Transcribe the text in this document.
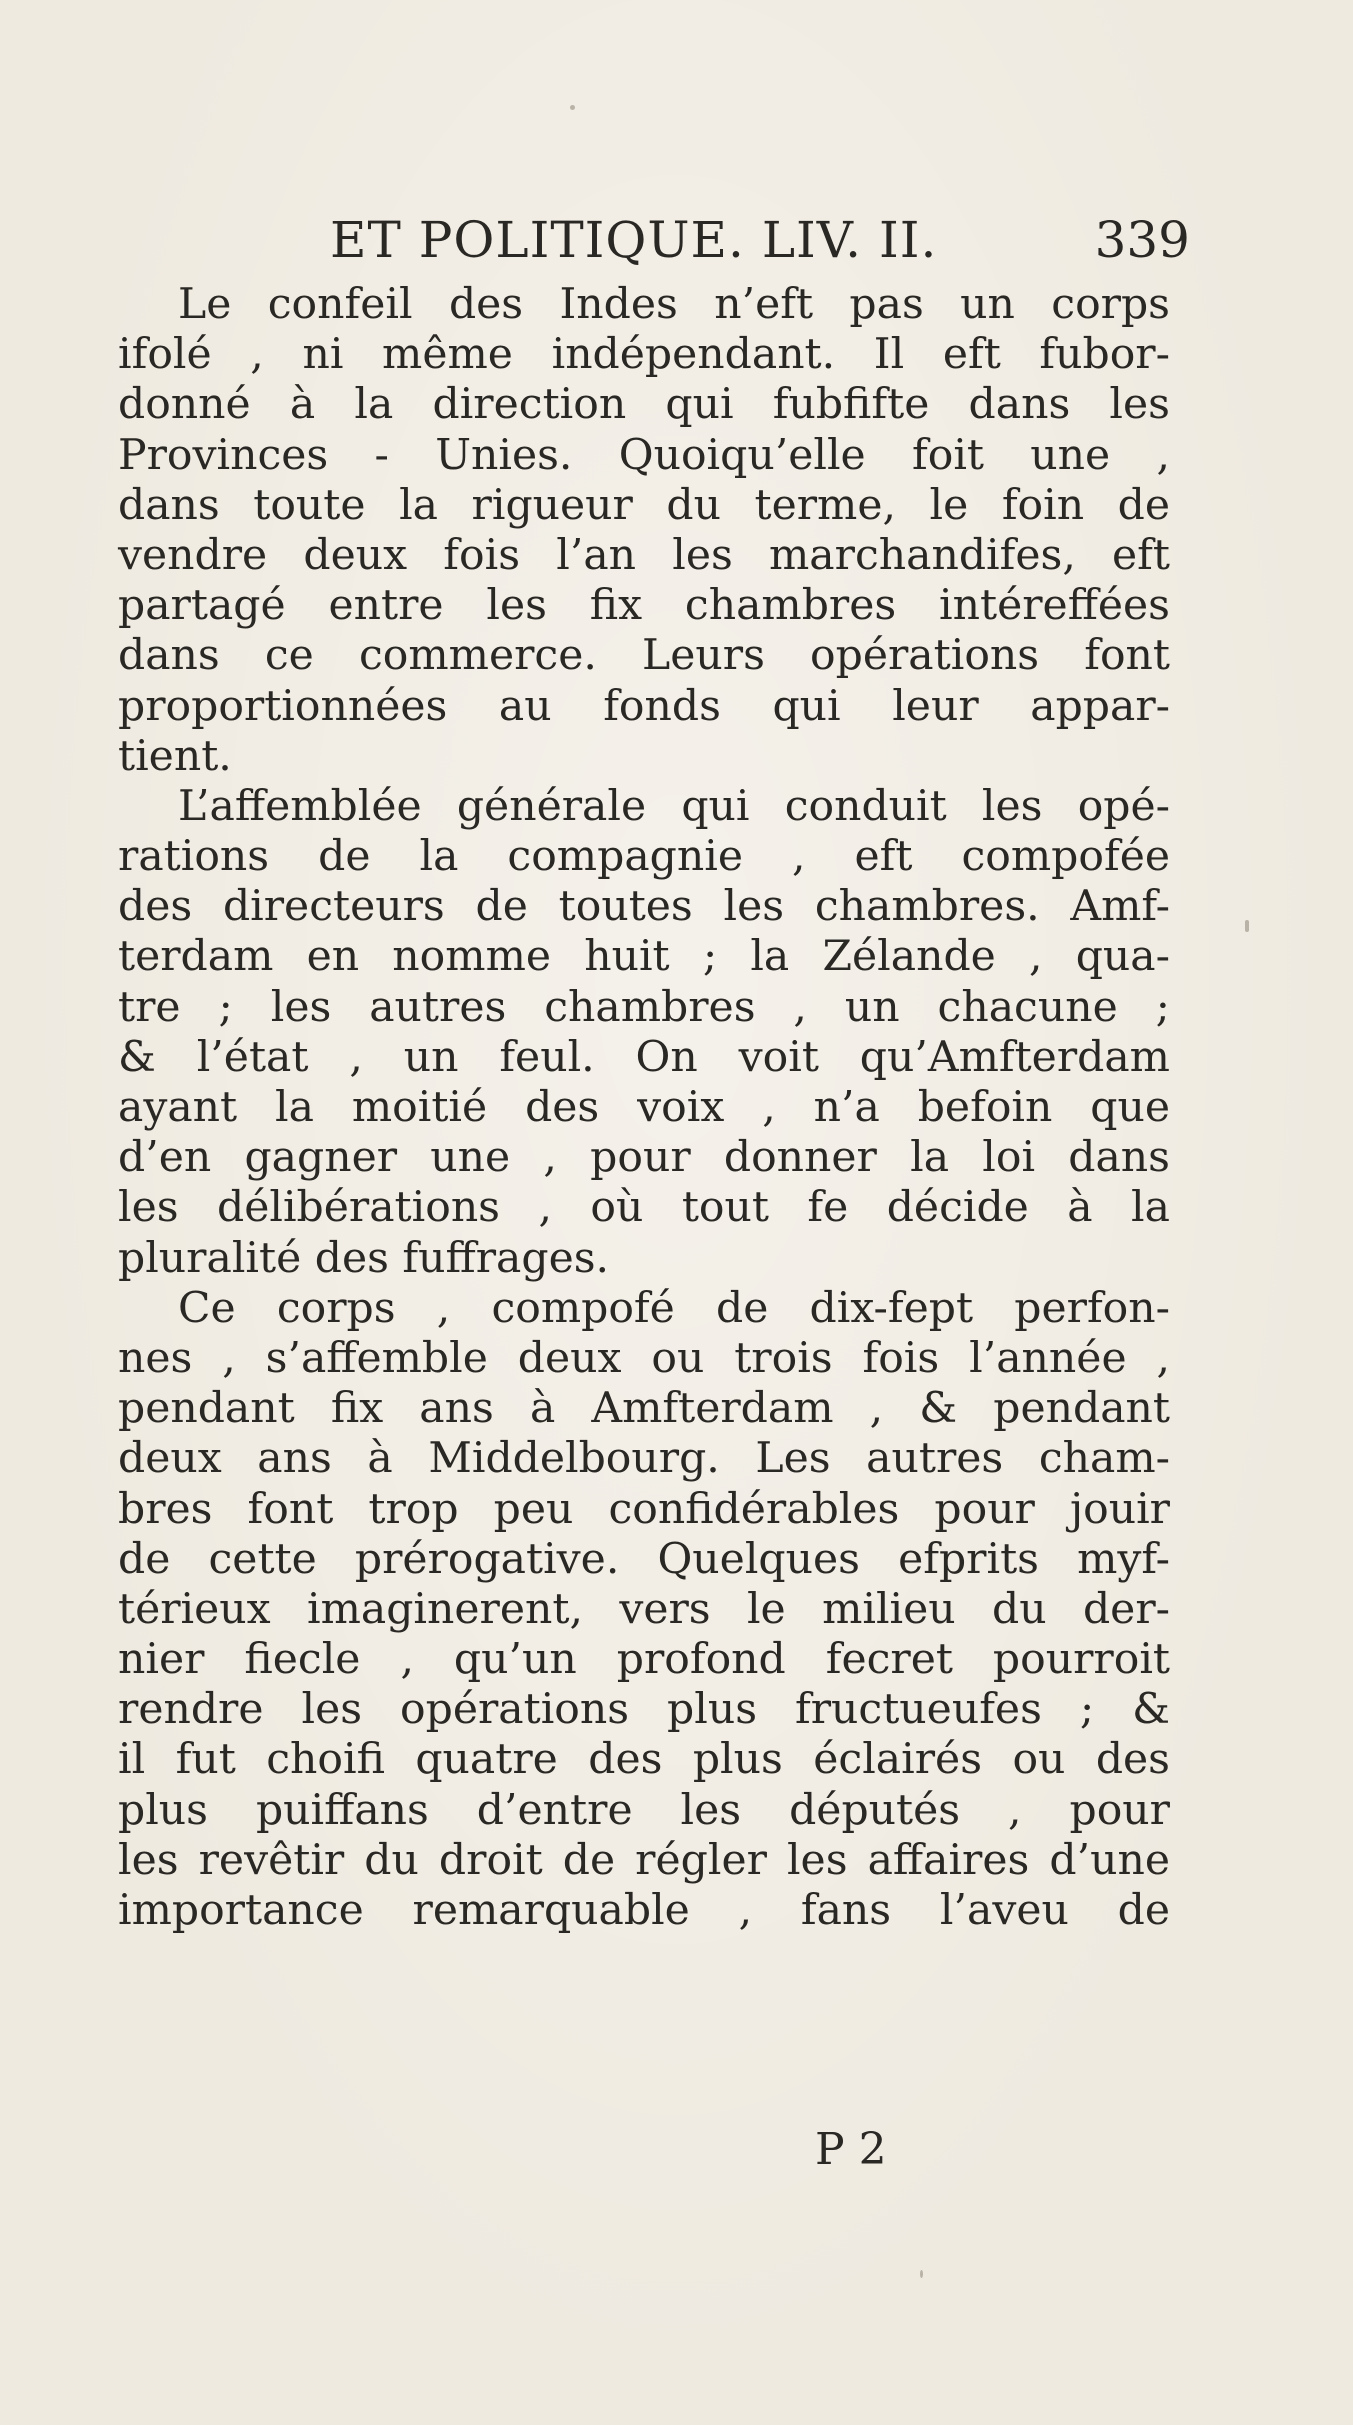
ET POLITIQUE. LIV. II.	339
Le confeil des Indes n’eft pas un corps
ifolé , ni même indépendant. Il eft fubor-
donné à la direction qui fubfifte dans les
Provinces - Unies. Quoiqu’elle foit une ,
dans toute la rigueur du terme, le foin de
vendre deux fois l’an les marchandifes, eft
partagé entre les fix chambres intéreffées
dans ce commerce. Leurs opérations font
proportionnées au fonds qui leur appar-
tient.
L’affemblée générale qui conduit les opé-
rations de la compagnie , eft compofée
des directeurs de toutes les chambres. Amf-
terdam en nomme huit ; la Zélande , qua-
tre ; les autres chambres , un chacune ;
& l’état , un feul. On voit qu’Amfterdam
ayant la moitié des voix , n’a befoin que
d’en gagner une , pour donner la loi dans
les délibérations , où tout fe décide à la
pluralité des fuffrages.
Ce corps , compofé de dix-fept perfon-
nes , s’affemble deux ou trois fois l’année ,
pendant fix ans à Amfterdam , & pendant
deux ans à Middelbourg. Les autres cham-
bres font trop peu confidérables pour jouir
de cette prérogative. Quelques efprits myf-
térieux imaginerent, vers le milieu du der-
nier fiecle , qu’un profond fecret pourroit
rendre les opérations plus fructueufes ; &
il fut choifi quatre des plus éclairés ou des
plus puiffans d’entre les députés , pour
les revêtir du droit de régler les affaires d’une
importance remarquable , fans l’aveu de
P 2
